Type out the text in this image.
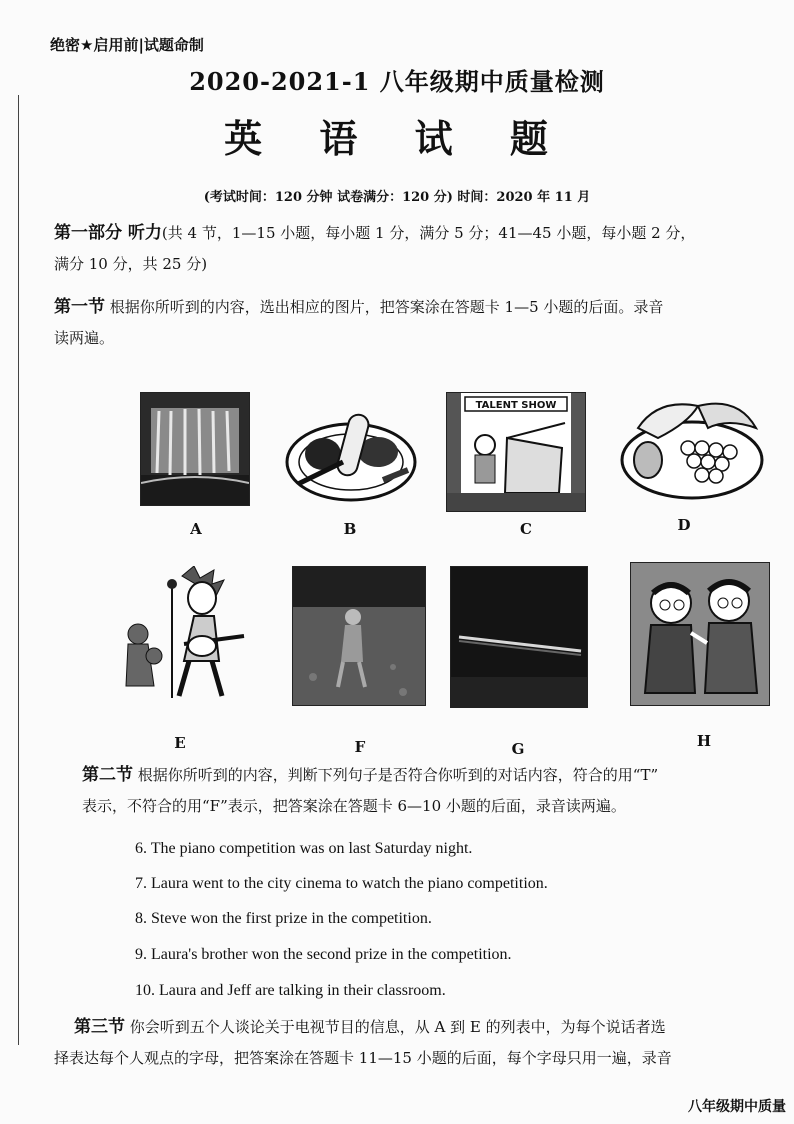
绝密★启用前|试题命制
2020-2021-1 八年级期中质量检测
英 语 试 题
(考试时间：120 分钟 试卷满分：120 分) 时间：2020 年 11 月
第一部分 听力(共 4 节，1—15 小题，每小题 1 分，满分 5 分；41—45 小题，每小题 2 分，
满分 10 分，共 25 分)
第一节 根据你所听到的内容，选出相应的图片，把答案涂在答题卡 1—5 小题的后面。录音
读两遍。
A	B
TALENT SHOW
C	D
E	F	G	H
第二节 根据你所听到的内容，判断下列句子是否符合你听到的对话内容，符合的用“T”
表示，不符合的用“F”表示，把答案涂在答题卡 6—10 小题的后面，录音读两遍。
6. The piano competition was on last Saturday night.
7. Laura went to the city cinema to watch the piano competition.
8. Steve won the first prize in the competition.
9. Laura's brother won the second prize in the competition.
10. Laura and Jeff are talking in their classroom.
第三节 你会听到五个人谈论关于电视节目的信息，从 A 到 E 的列表中，为每个说话者选
择表达每个人观点的字母，把答案涂在答题卡 11—15 小题的后面，每个字母只用一遍，录音
八年级期中质量
